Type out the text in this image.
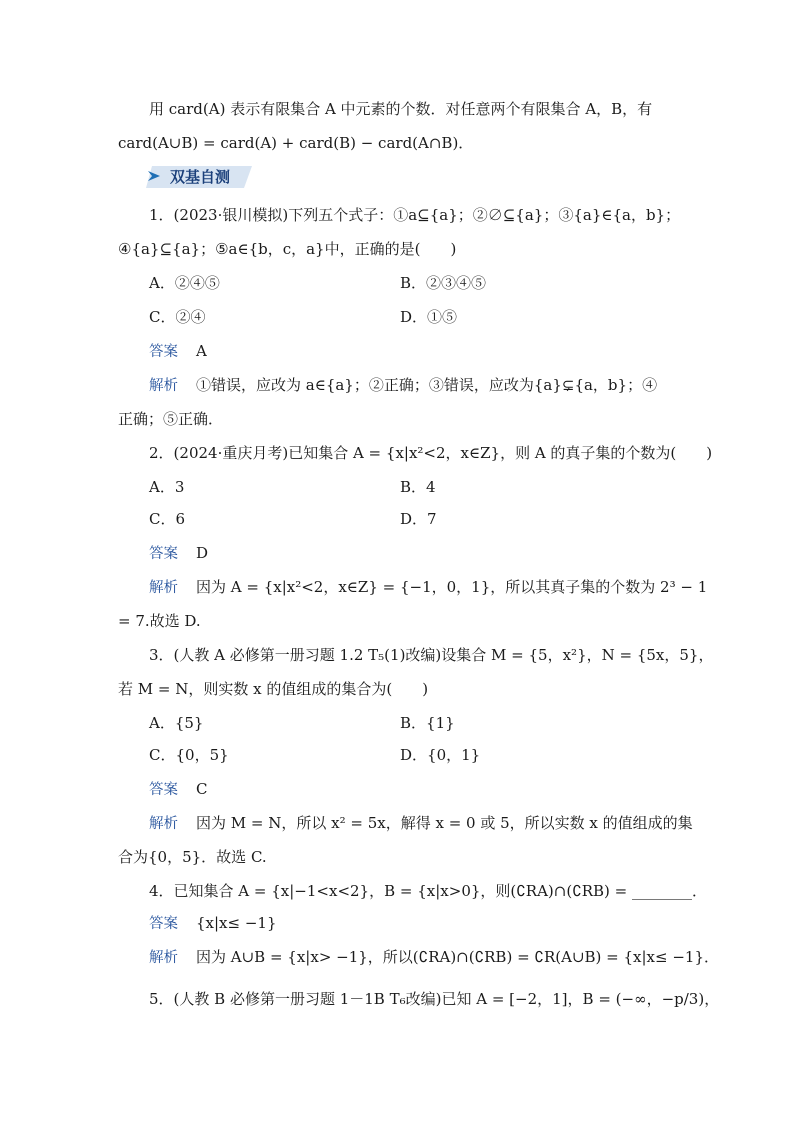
用 card(A) 表示有限集合 A 中元素的个数．对任意两个有限集合 A，B，有
card(A∪B) = card(A) + card(B) − card(A∩B)．
双基自测
1．(2023·银川模拟)下列五个式子：①a⊆{a}；②∅⊆{a}；③{a}∈{a，b}；
④{a}⊆{a}；⑤a∈{b，c，a}中，正确的是(　　)
A．②④⑤	B．②③④⑤
C．②④	D．①⑤
答案 A
解析 ①错误，应改为 a∈{a}；②正确；③错误，应改为{a}⊊{a，b}；④
正确；⑤正确．
2．(2024·重庆月考)已知集合 A = {x|x²<2，x∈Z}，则 A 的真子集的个数为(　　)
A．3	B．4
C．6	D．7
答案 D
解析 因为 A = {x|x²<2，x∈Z} = {−1，0，1}，所以其真子集的个数为 2³ − 1
= 7.故选 D.
3．(人教 A 必修第一册习题 1.2 T₅(1)改编)设集合 M = {5，x²}，N = {5x，5}，
若 M = N，则实数 x 的值组成的集合为(　　)
A．{5}	B．{1}
C．{0，5}	D．{0，1}
答案 C
解析 因为 M = N，所以 x² = 5x，解得 x = 0 或 5，所以实数 x 的值组成的集
合为{0，5}．故选 C.
4．已知集合 A = {x|−1<x<2}，B = {x|x>0}，则(∁RA)∩(∁RB) = ________．
答案 {x|x≤ −1}
解析 因为 A∪B = {x|x> −1}，所以(∁RA)∩(∁RB) = ∁R(A∪B) = {x|x≤ −1}．
5．(人教 B 必修第一册习题 1－1B T₆改编)已知 A = [−2，1]，B = (−∞，−p/3)，
